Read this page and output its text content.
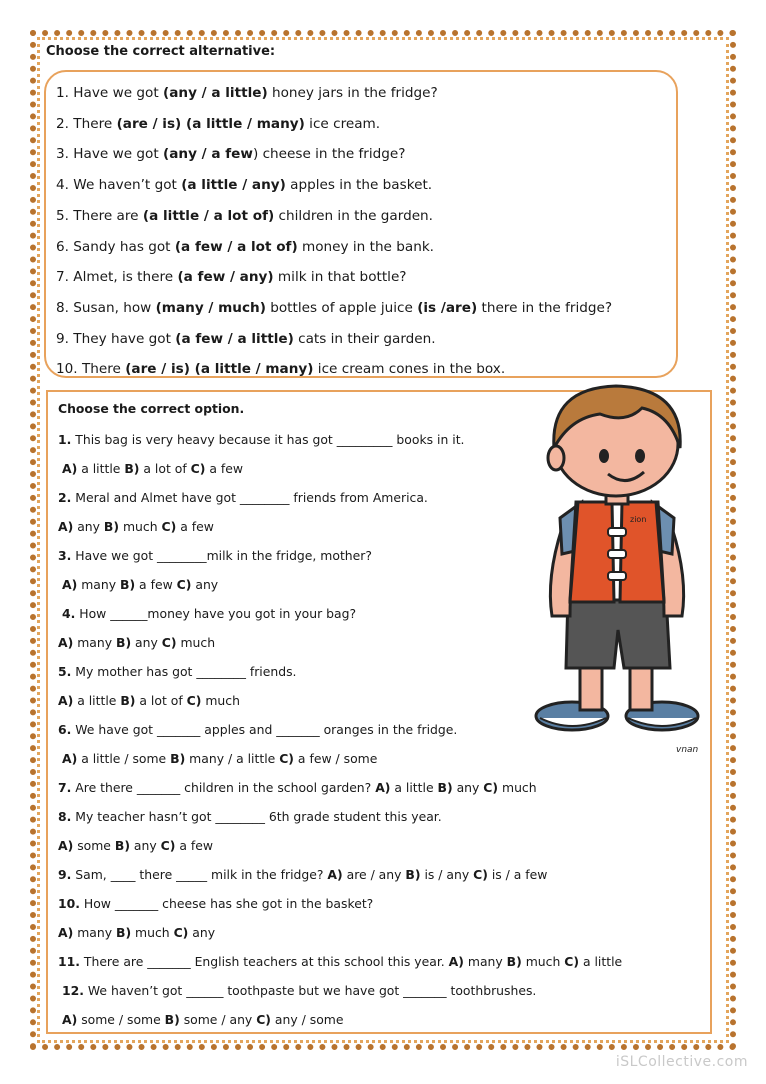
Choose the correct alternative:

1. Have we got (any / a little) honey jars in the fridge?

2. There (are / is) (a little / many) ice cream.

3. Have we got (any / a few) cheese in the fridge?

4. We haven’t got (a little / any) apples in the basket.

5. There are (a little / a lot of) children in the garden.

6. Sandy has got (a few / a lot of) money in the bank.

7. Almet, is there (a few / any) milk in that bottle?

8. Susan, how (many / much) bottles of apple juice (is /are) there in the fridge?

9. They have got (a few / a little) cats in their garden.

10. There (are / is) (a little / many) ice cream cones in the box.

Choose the correct option.

1. This bag is very heavy because it has got _________ books in it.

A) a little B) a lot of C) a few

2. Meral and Almet have got ________ friends from America.

A) any B) much C) a few

3. Have we got ________milk in the fridge, mother?

A) many B) a few C) any

4. How ______money have you got in your bag?

A) many B) any C) much

5. My mother has got ________ friends.

A) a little B) a lot of C) much

6. We have got _______ apples and _______ oranges in the fridge.

A) a little / some B) many / a little C) a few / some

7. Are there _______ children in the school garden? A) a little B) any C) much

8. My teacher hasn’t got ________ 6th grade student this year.

A) some B) any C) a few

9. Sam, ____ there _____ milk in the fridge? A) are / any B) is / any C) is / a few

10. How _______ cheese has she got in the basket?

A) many B) much C) any

11. There are _______ English teachers at this school this year. A) many B) much C) a little

12. We haven’t got ______ toothpaste but we have got _______ toothbrushes.

A) some / some B) some / any C) any / some

zion
vnan
iSLCollective.com
